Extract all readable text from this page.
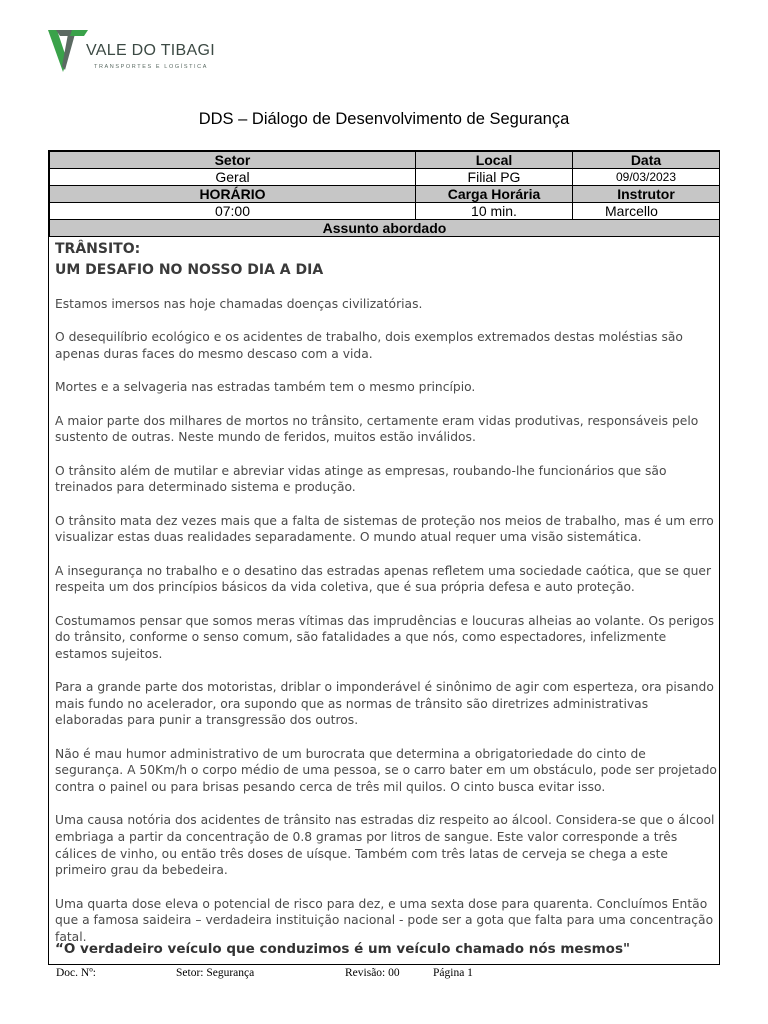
VALE DO TIBAGI
TRANSPORTES E LOGÍSTICA
DDS – Diálogo de Desenvolvimento de Segurança
Setor	Local	Data
Geral	Filial PG	09/03/2023
HORÁRIO	Carga Horária	Instrutor
07:00	10 min.	Marcello
Assunto abordado		
TRÂNSITO:
UM DESAFIO NO NOSSO DIA A DIA

Estamos imersos nas hoje chamadas doenças civilizatórias.

O desequilíbrio ecológico e os acidentes de trabalho, dois exemplos extremados destas moléstias são apenas duras faces do mesmo descaso com a vida.

Mortes e a selvageria nas estradas também tem o mesmo princípio.

A maior parte dos milhares de mortos no trânsito, certamente eram vidas produtivas, responsáveis pelo sustento de outras. Neste mundo de feridos, muitos estão inválidos.

O trânsito além de mutilar e abreviar vidas atinge as empresas, roubando-lhe funcionários que são treinados para determinado sistema e produção.

O trânsito mata dez vezes mais que a falta de sistemas de proteção nos meios de trabalho, mas é um erro visualizar estas duas realidades separadamente. O mundo atual requer uma visão sistemática.

A insegurança no trabalho e o desatino das estradas apenas refletem uma sociedade caótica, que se quer respeita um dos princípios básicos da vida coletiva, que é sua própria defesa e auto proteção.

Costumamos pensar que somos meras vítimas das imprudências e loucuras alheias ao volante. Os perigos do trânsito, conforme o senso comum, são fatalidades a que nós, como espectadores, infelizmente estamos sujeitos.

Para a grande parte dos motoristas, driblar o imponderável é sinônimo de agir com esperteza, ora pisando mais fundo no acelerador, ora supondo que as normas de trânsito são diretrizes administrativas elaboradas para punir a transgressão dos outros.

Não é mau humor administrativo de um burocrata que determina a obrigatoriedade do cinto de segurança. A 50Km/h o corpo médio de uma pessoa, se o carro bater em um obstáculo, pode ser projetado contra o painel ou para brisas pesando cerca de três mil quilos. O cinto busca evitar isso.

Uma causa notória dos acidentes de trânsito nas estradas diz respeito ao álcool. Considera-se que o álcool embriaga a partir da concentração de 0.8 gramas por litros de sangue. Este valor corresponde a três cálices de vinho, ou então três doses de uísque. Também com três latas de cerveja se chega a este primeiro grau da bebedeira.

Uma quarta dose eleva o potencial de risco para dez, e uma sexta dose para quarenta. Concluímos Então que a famosa saideira – verdadeira instituição nacional - pode ser a gota que falta para uma concentração fatal.

“O verdadeiro veículo que conduzimos é um veículo chamado nós mesmos"
Doc. Nº:	Setor: Segurança	Revisão: 00	Página 1
